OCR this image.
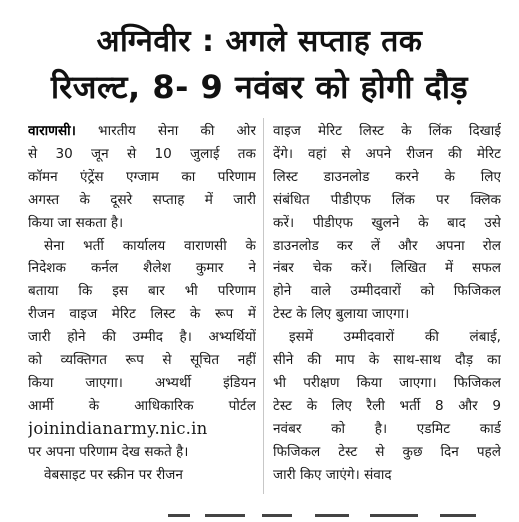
अग्निवीर : अगले सप्ताह तक
रिजल्ट, 8- 9 नवंबर को होगी दौड़
वाराणसी। भारतीय सेना की ओर
से 30 जून से 10 जुलाई तक
कॉमन एंट्रेंस एग्जाम का परिणाम
अगस्त के दूसरे सप्ताह में जारी
किया जा सकता है।
सेना भर्ती कार्यालय वाराणसी के
निदेशक कर्नल शैलेश कुमार ने
बताया कि इस बार भी परिणाम
रीजन वाइज मेरिट लिस्ट के रूप में
जारी होने की उम्मीद है। अभ्यर्थियों
को व्यक्तिगत रूप से सूचित नहीं
किया जाएगा। अभ्यर्थी इंडियन
आर्मी के आधिकारिक पोर्टल
joinindianarmy.nic.in
पर अपना परिणाम देख सकते है।
वेबसाइट पर स्क्रीन पर रीजन
वाइज मेरिट लिस्ट के लिंक दिखाई
देंगे। वहां से अपने रीजन की मेरिट
लिस्ट डाउनलोड करने के लिए
संबंधित पीडीएफ लिंक पर क्लिक
करें। पीडीएफ खुलने के बाद उसे
डाउनलोड कर लें और अपना रोल
नंबर चेक करें। लिखित में सफल
होने वाले उम्मीदवारों को फिजिकल
टेस्ट के लिए बुलाया जाएगा।
इसमें उम्मीदवारों की लंबाई,
सीने की माप के साथ-साथ दौड़ का
भी परीक्षण किया जाएगा। फिजिकल
टेस्ट के लिए रैली भर्ती 8 और 9
नवंबर को है। एडमिट कार्ड
फिजिकल टेस्ट से कुछ दिन पहले
जारी किए जाएंगे। संवाद
